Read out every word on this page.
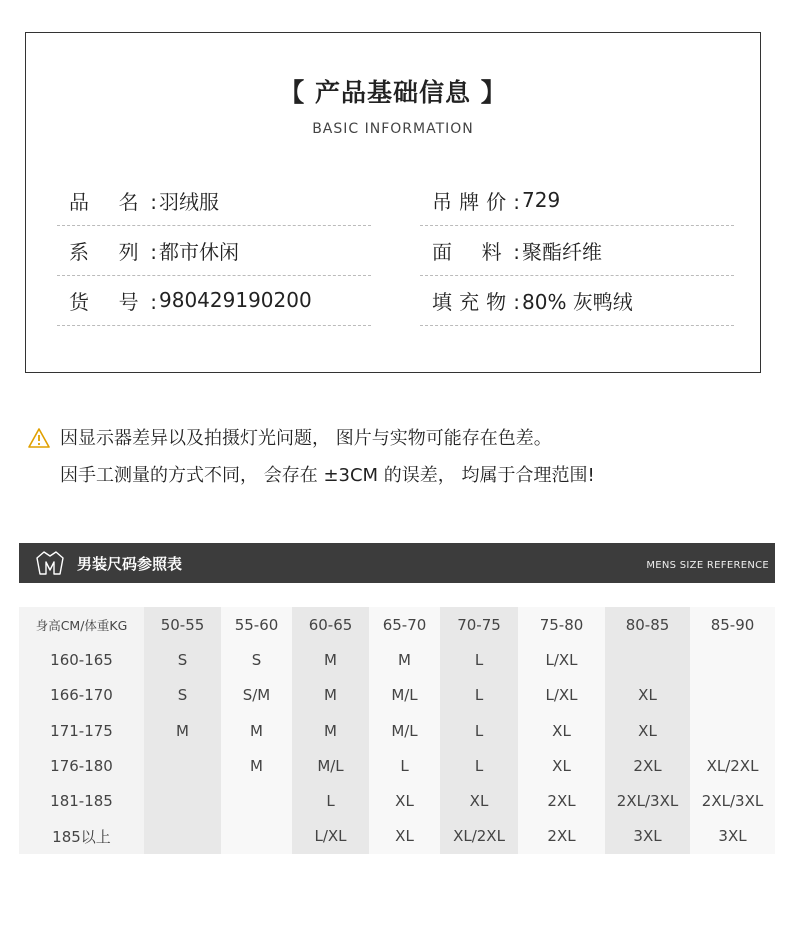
【 产品基础信息 】
BASIC INFORMATION
品 名: 羽绒服	吊牌价: 729
系 列: 都市休闲	面 料: 聚酯纤维
货 号: 980429190200	填充物: 80% 灰鸭绒
因显示器差异以及拍摄灯光问题， 图片与实物可能存在色差。
因手工测量的方式不同， 会存在 ±3CM 的误差， 均属于合理范围!
男装尺码参照表	MENS SIZE REFERENCE
身高CM/体重KG	50-55	55-60	60-65	65-70	70-75	75-80	80-85	85-90
160-165	S	S	M	M	L	L/XL		
166-170	S	S/M	M	M/L	L	L/XL	XL	
171-175	M	M	M	M/L	L	XL	XL	
176-180		M	M/L	L	L	XL	2XL	XL/2XL
181-185			L	XL	XL	2XL	2XL/3XL	2XL/3XL
185以上			L/XL	XL	XL/2XL	2XL	3XL	3XL
